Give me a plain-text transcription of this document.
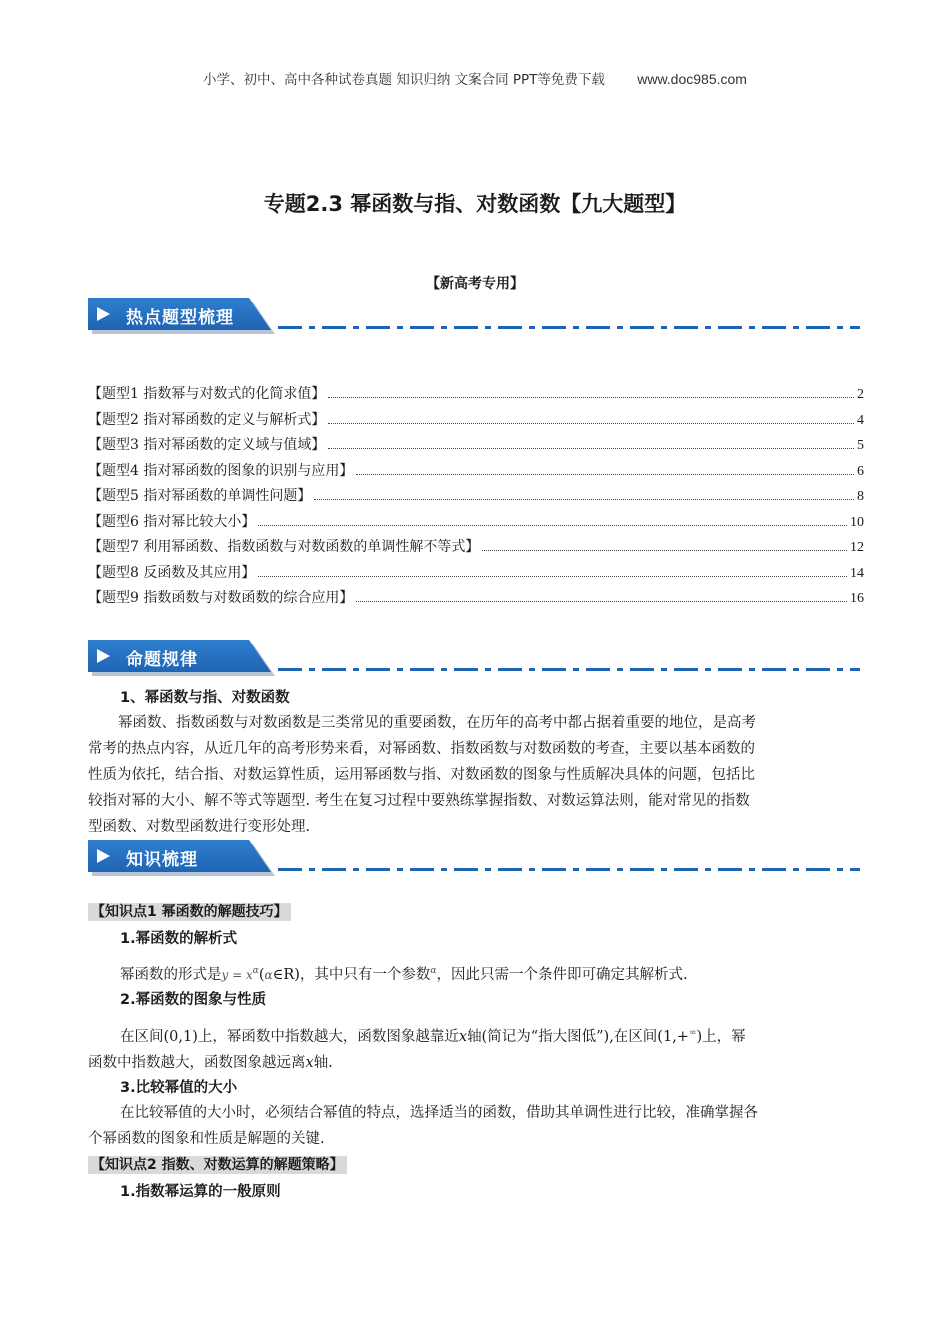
小学、初中、高中各种试卷真题 知识归纳 文案合同 PPT等免费下载 www.doc985.com
专题2.3 幂函数与指、对数函数【九大题型】
【新高考专用】
热点题型梳理
【题型1 指数幂与对数式的化简求值】	2
【题型2 指对幂函数的定义与解析式】	4
【题型3 指对幂函数的定义域与值域】	5
【题型4 指对幂函数的图象的识别与应用】	6
【题型5 指对幂函数的单调性问题】	8
【题型6 指对幂比较大小】	10
【题型7 利用幂函数、指数函数与对数函数的单调性解不等式】	12
【题型8 反函数及其应用】	14
【题型9 指数函数与对数函数的综合应用】	16
命题规律
1、幂函数与指、对数函数
幂函数、指数函数与对数函数是三类常见的重要函数，在历年的高考中都占据着重要的地位，是高考
常考的热点内容，从近几年的高考形势来看，对幂函数、指数函数与对数函数的考查，主要以基本函数的
性质为依托，结合指、对数运算性质，运用幂函数与指、对数函数的图象与性质解决具体的问题，包括比
较指对幂的大小、解不等式等题型. 考生在复习过程中要熟练掌握指数、对数运算法则，能对常见的指数
型函数、对数型函数进行变形处理.
知识梳理
【知识点1 幂函数的解题技巧】
1.幂函数的解析式
幂函数的形式是$y = x^\alpha(\alpha\in R)$，其中只有一个参数$^\alpha$，因此只需一个条件即可确定其解析式.
2.幂函数的图象与性质
在区间(0,1)上，幂函数中指数越大，函数图象越靠近x轴(简记为“指大图低”),在区间(1,+∞)上，幂
函数中指数越大，函数图象越远离x轴.
3.比较幂值的大小
在比较幂值的大小时，必须结合幂值的特点，选择适当的函数，借助其单调性进行比较，准确掌握各
个幂函数的图象和性质是解题的关键.
【知识点2 指数、对数运算的解题策略】
1.指数幂运算的一般原则
